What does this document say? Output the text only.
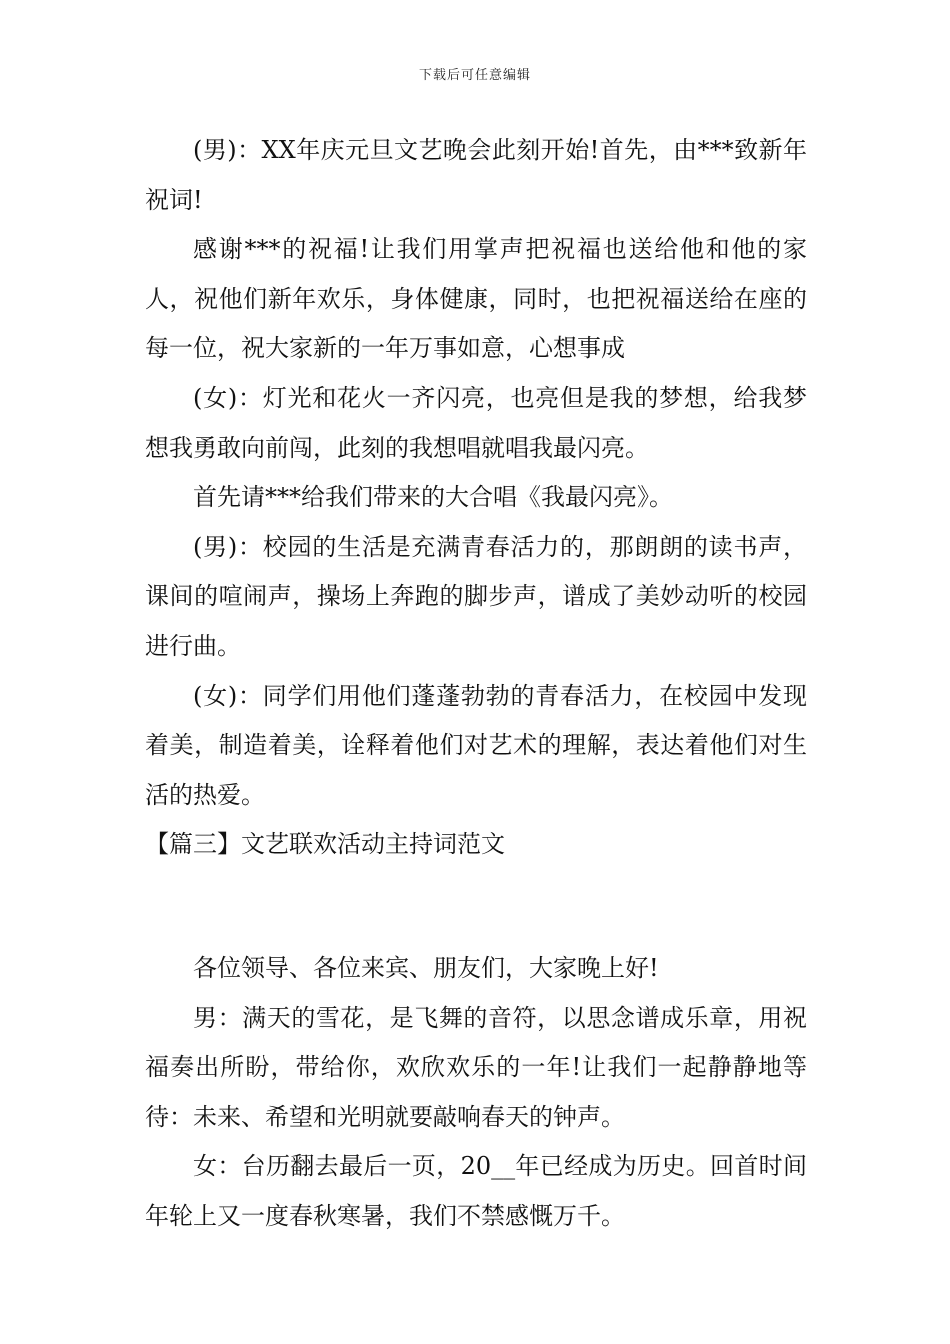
下载后可任意编辑

(男)：XX年庆元旦文艺晚会此刻开始!首先，由***致新年祝词!

感谢***的祝福!让我们用掌声把祝福也送给他和他的家人，祝他们新年欢乐，身体健康，同时，也把祝福送给在座的每一位，祝大家新的一年万事如意，心想事成

(女)：灯光和花火一齐闪亮，也亮但是我的梦想，给我梦想我勇敢向前闯，此刻的我想唱就唱我最闪亮。

首先请***给我们带来的大合唱《我最闪亮》。

(男)：校园的生活是充满青春活力的，那朗朗的读书声，课间的喧闹声，操场上奔跑的脚步声，谱成了美妙动听的校园进行曲。

(女)：同学们用他们蓬蓬勃勃的青春活力，在校园中发现着美，制造着美，诠释着他们对艺术的理解，表达着他们对生活的热爱。

【篇三】文艺联欢活动主持词范文

各位领导、各位来宾、朋友们，大家晚上好!

男：满天的雪花，是飞舞的音符，以思念谱成乐章，用祝福奏出所盼，带给你，欢欣欢乐的一年!让我们一起静静地等待：未来、希望和光明就要敲响春天的钟声。

女：台历翻去最后一页，20__年已经成为历史。回首时间年轮上又一度春秋寒暑，我们不禁感慨万千。
